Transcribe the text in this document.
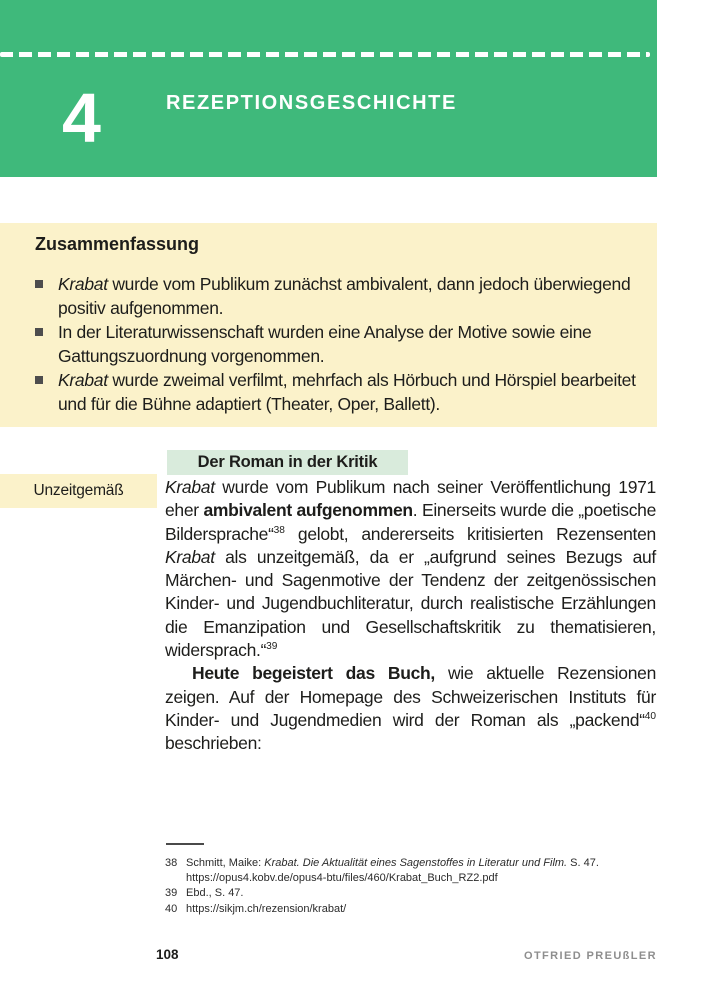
4	REZEPTIONSGESCHICHTE
Zusammenfassung
Krabat wurde vom Publikum zunächst ambivalent, dann jedoch überwiegend positiv aufgenommen.
In der Literaturwissenschaft wurden eine Analyse der Motive sowie eine Gattungszuordnung vorgenommen.
Krabat wurde zweimal verfilmt, mehrfach als Hörbuch und Hörspiel bearbeitet und für die Bühne adaptiert (Theater, Oper, Ballett).
Der Roman in der Kritik
Unzeitgemäß	Krabat wurde vom Publikum nach seiner Veröffentlichung 1971 eher ambivalent aufgenommen. Einerseits wurde die „poetische Bildersprache“$^{38}$ gelobt, andererseits kritisierten Rezensenten Krabat als unzeitgemäß, da er „aufgrund seines Bezugs auf Märchen- und Sagenmotive der Tendenz der zeitgenössischen Kinder- und Jugendbuchliteratur, durch realistische Erzählungen die Emanzipation und Gesellschaftskritik zu thematisieren, widersprach.“$^{39}$

Heute begeistert das Buch, wie aktuelle Rezensionen zeigen. Auf der Homepage des Schweizerischen Instituts für Kinder- und Jugendmedien wird der Roman als „packend“$^{40}$ beschrieben:

38 Schmitt, Maike: Krabat. Die Aktualität eines Sagenstoffes in Literatur und Film. S. 47.
https://opus4.kobv.de/opus4-btu/files/460/Krabat_Buch_RZ2.pdf
39 Ebd., S. 47.
40 https://sikjm.ch/rezension/krabat/
108	OTFRIED PREUßLER
